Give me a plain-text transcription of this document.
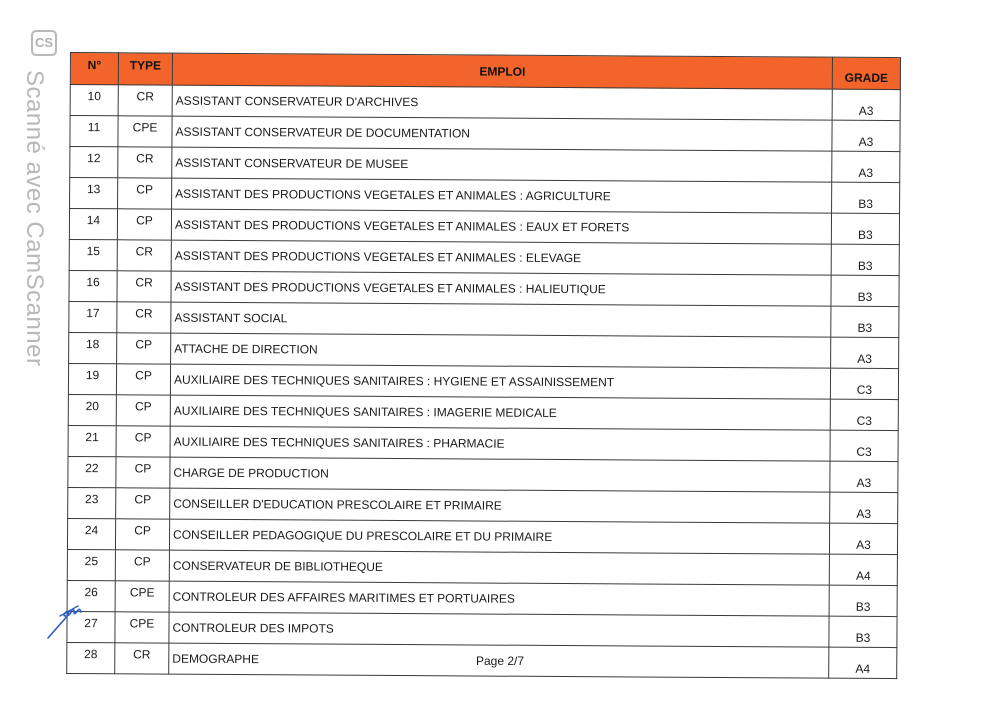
CS
Scanné avec CamScanner
N°	TYPE	EMPLOI	GRADE
10	CR	ASSISTANT CONSERVATEUR D'ARCHIVES	A3
11	CPE	ASSISTANT CONSERVATEUR DE DOCUMENTATION	A3
12	CR	ASSISTANT CONSERVATEUR DE MUSEE	A3
13	CP	ASSISTANT DES PRODUCTIONS VEGETALES ET ANIMALES : AGRICULTURE	B3
14	CP	ASSISTANT DES PRODUCTIONS VEGETALES ET ANIMALES : EAUX ET FORETS	B3
15	CR	ASSISTANT DES PRODUCTIONS VEGETALES ET ANIMALES : ELEVAGE	B3
16	CR	ASSISTANT DES PRODUCTIONS VEGETALES ET ANIMALES : HALIEUTIQUE	B3
17	CR	ASSISTANT SOCIAL	B3
18	CP	ATTACHE DE DIRECTION	A3
19	CP	AUXILIAIRE DES TECHNIQUES SANITAIRES : HYGIENE ET ASSAINISSEMENT	C3
20	CP	AUXILIAIRE DES TECHNIQUES SANITAIRES : IMAGERIE MEDICALE	C3
21	CP	AUXILIAIRE DES TECHNIQUES SANITAIRES : PHARMACIE	C3
22	CP	CHARGE DE PRODUCTION	A3
23	CP	CONSEILLER D'EDUCATION PRESCOLAIRE ET PRIMAIRE	A3
24	CP	CONSEILLER PEDAGOGIQUE DU PRESCOLAIRE ET DU PRIMAIRE	A3
25	CP	CONSERVATEUR DE BIBLIOTHEQUE	A4
26	CPE	CONTROLEUR DES AFFAIRES MARITIMES ET PORTUAIRES	B3
27	CPE	CONTROLEUR DES IMPOTS	B3
28	CR	DEMOGRAPHE	A4
Page 2/7
